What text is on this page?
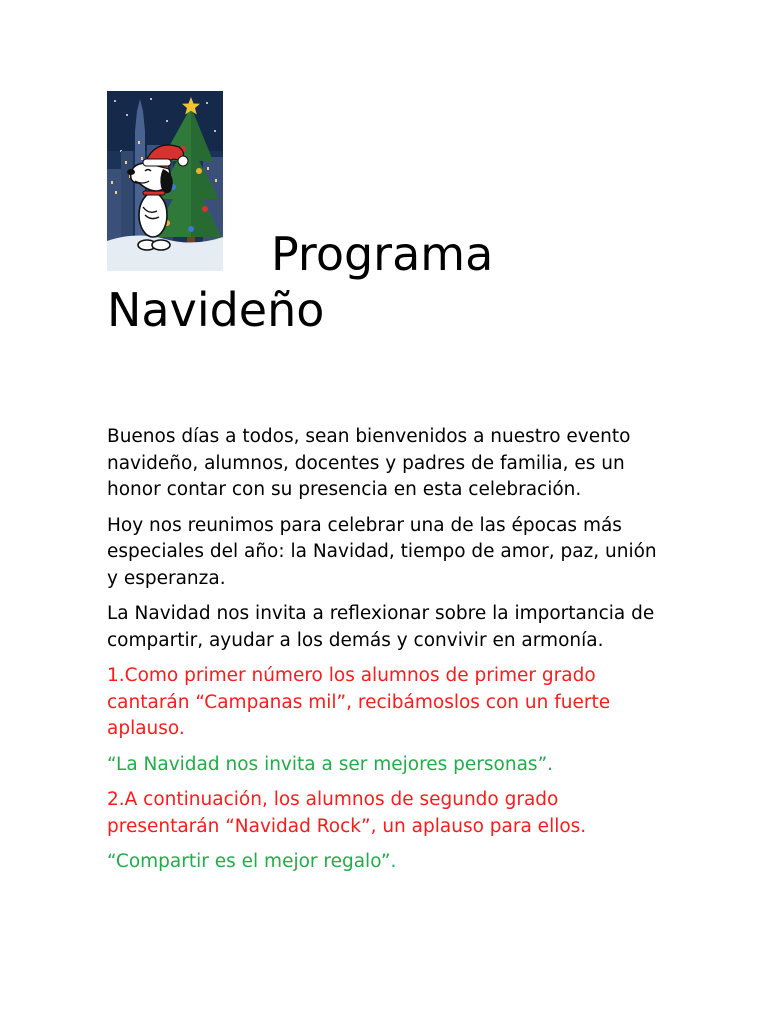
Programa
Navideño

Buenos días a todos, sean bienvenidos a nuestro evento navideño, alumnos, docentes y padres de familia, es un honor contar con su presencia en esta celebración.

Hoy nos reunimos para celebrar una de las épocas más especiales del año: la Navidad, tiempo de amor, paz, unión y esperanza.

La Navidad nos invita a reflexionar sobre la importancia de compartir, ayudar a los demás y convivir en armonía.

1.Como primer número los alumnos de primer grado cantarán “Campanas mil”, recibámoslos con un fuerte aplauso.

“La Navidad nos invita a ser mejores personas”.

2.A continuación, los alumnos de segundo grado presentarán “Navidad Rock”, un aplauso para ellos.

“Compartir es el mejor regalo”.
